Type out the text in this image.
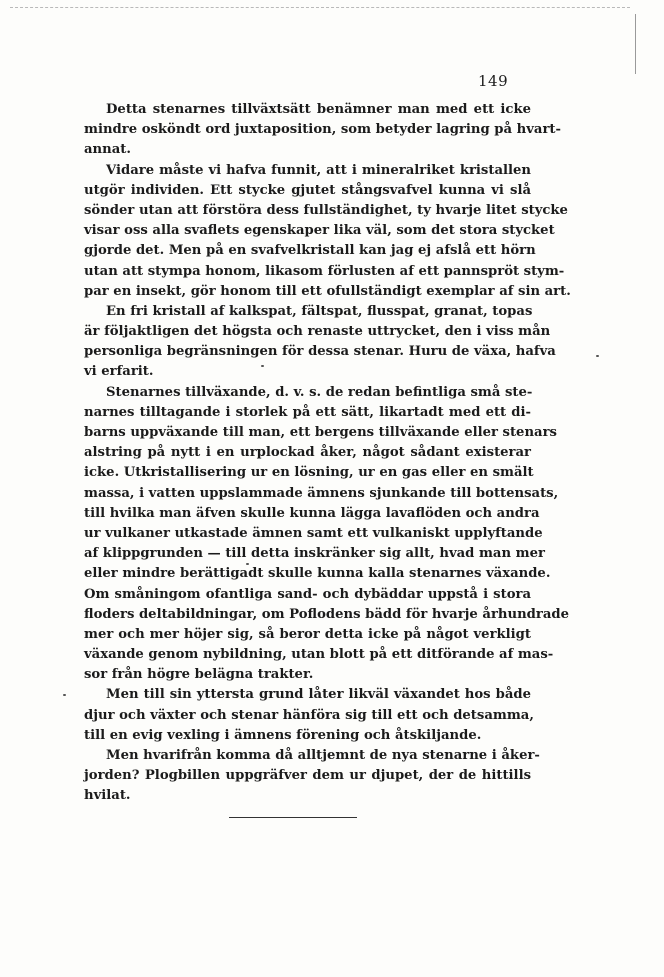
149
Detta stenarnes tillväxtsätt benämner man med ett icke
mindre osköndt ord juxtaposition, som betyder lagring på hvart-
annat.
Vidare måste vi hafva funnit, att i mineralriket kristallen
utgör individen. Ett stycke gjutet stångsvafvel kunna vi slå
sönder utan att förstöra dess fullständighet, ty hvarje litet stycke
visar oss alla svaflets egenskaper lika väl, som det stora stycket
gjorde det. Men på en svafvelkristall kan jag ej afslå ett hörn
utan att stympa honom, likasom förlusten af ett pannspröt stym-
par en insekt, gör honom till ett ofullständigt exemplar af sin art.
En fri kristall af kalkspat, fältspat, flusspat, granat, topas
är följaktligen det högsta och renaste uttrycket, den i viss mån
personliga begränsningen för dessa stenar. Huru de växa, hafva
vi erfarit.
Stenarnes tillväxande, d. v. s. de redan befintliga små ste-
narnes tilltagande i storlek på ett sätt, likartadt med ett di-
barns uppväxande till man, ett bergens tillväxande eller stenars
alstring på nytt i en urplockad åker, något sådant existerar
icke. Utkristallisering ur en lösning, ur en gas eller en smält
massa, i vatten uppslammade ämnens sjunkande till bottensats,
till hvilka man äfven skulle kunna lägga lavaflöden och andra
ur vulkaner utkastade ämnen samt ett vulkaniskt upplyftande
af klippgrunden — till detta inskränker sig allt, hvad man mer
eller mindre berättigadt skulle kunna kalla stenarnes växande.
Om småningom ofantliga sand- och dybäddar uppstå i stora
floders deltabildningar, om Poflodens bädd för hvarje århundrade
mer och mer höjer sig, så beror detta icke på något verkligt
växande genom nybildning, utan blott på ett ditförande af mas-
sor från högre belägna trakter.
Men till sin yttersta grund låter likväl växandet hos både
djur och växter och stenar hänföra sig till ett och detsamma,
till en evig vexling i ämnens förening och åtskiljande.
Men hvarifrån komma då alltjemnt de nya stenarne i åker-
jorden? Plogbillen uppgräfver dem ur djupet, der de hittills
hvilat.
